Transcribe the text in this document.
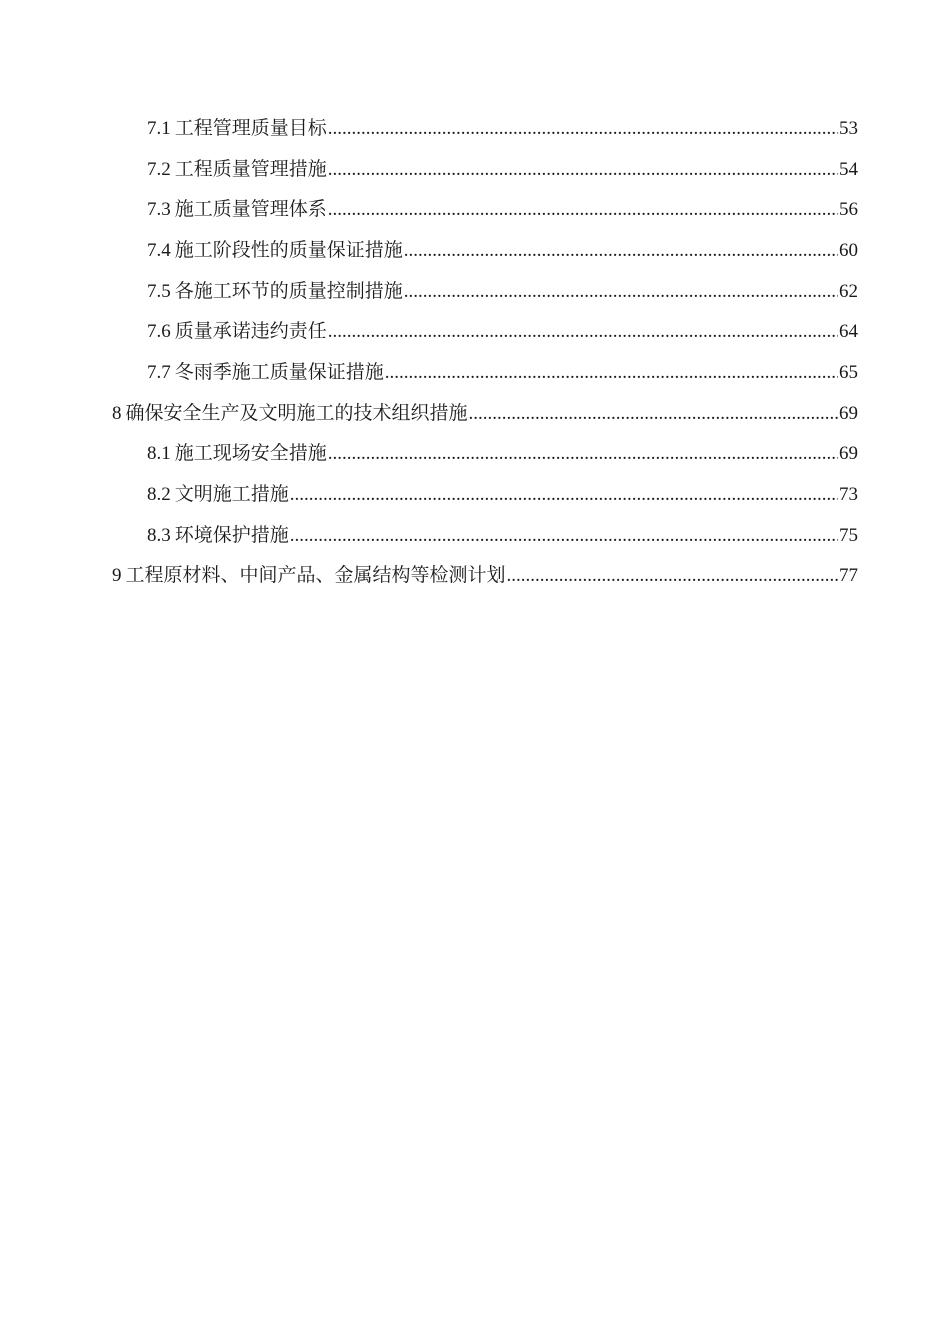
7.1 工程管理质量目标 .....	53
7.2 工程质量管理措施 .....	54
7.3 施工质量管理体系 .....	56
7.4 施工阶段性的质量保证措施 .....	60
7.5 各施工环节的质量控制措施 .....	62
7.6 质量承诺违约责任 .....	64
7.7 冬雨季施工质量保证措施 .....	65
8 确保安全生产及文明施工的技术组织措施 .....	69
8.1 施工现场安全措施 .....	69
8.2 文明施工措施 .....	73
8.3 环境保护措施 .....	75
9 工程原材料、中间产品、金属结构等检测计划 .....	77
